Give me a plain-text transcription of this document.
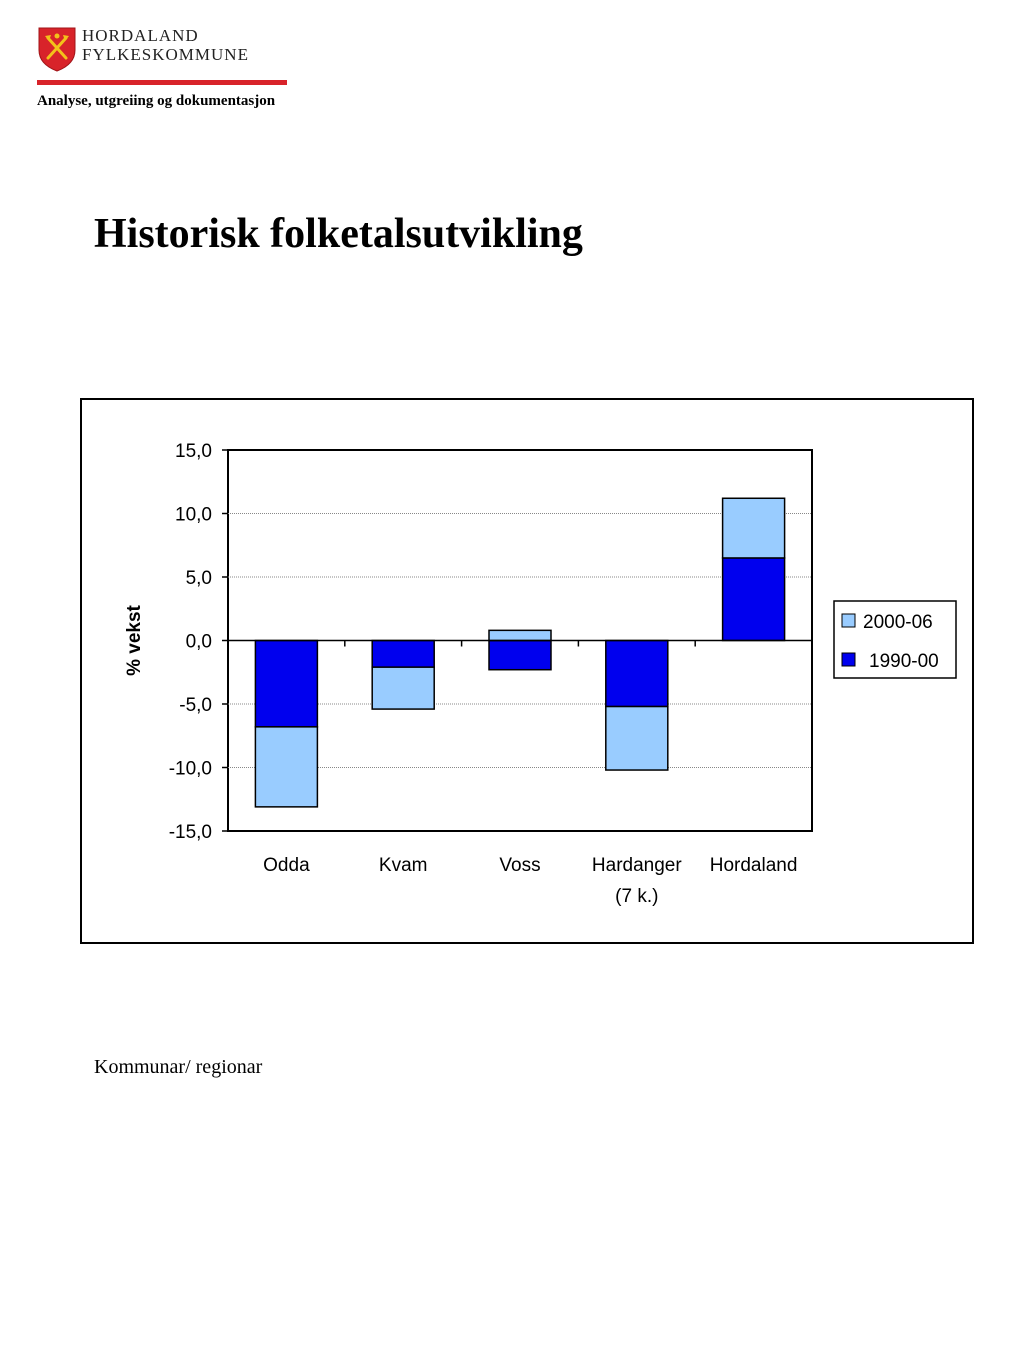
HORDALAND
FYLKESKOMMUNE
Analyse, utgreiing og dokumentasjon
Historisk folketalsutvikling
15,0
10,0
5,0
0,0
-5,0
-10,0
-15,0
% vekst
Odda	Kvam	Voss	Hardanger
(7 k.)
Hordaland
2000-06
1990-00
Kommunar/ regionar
